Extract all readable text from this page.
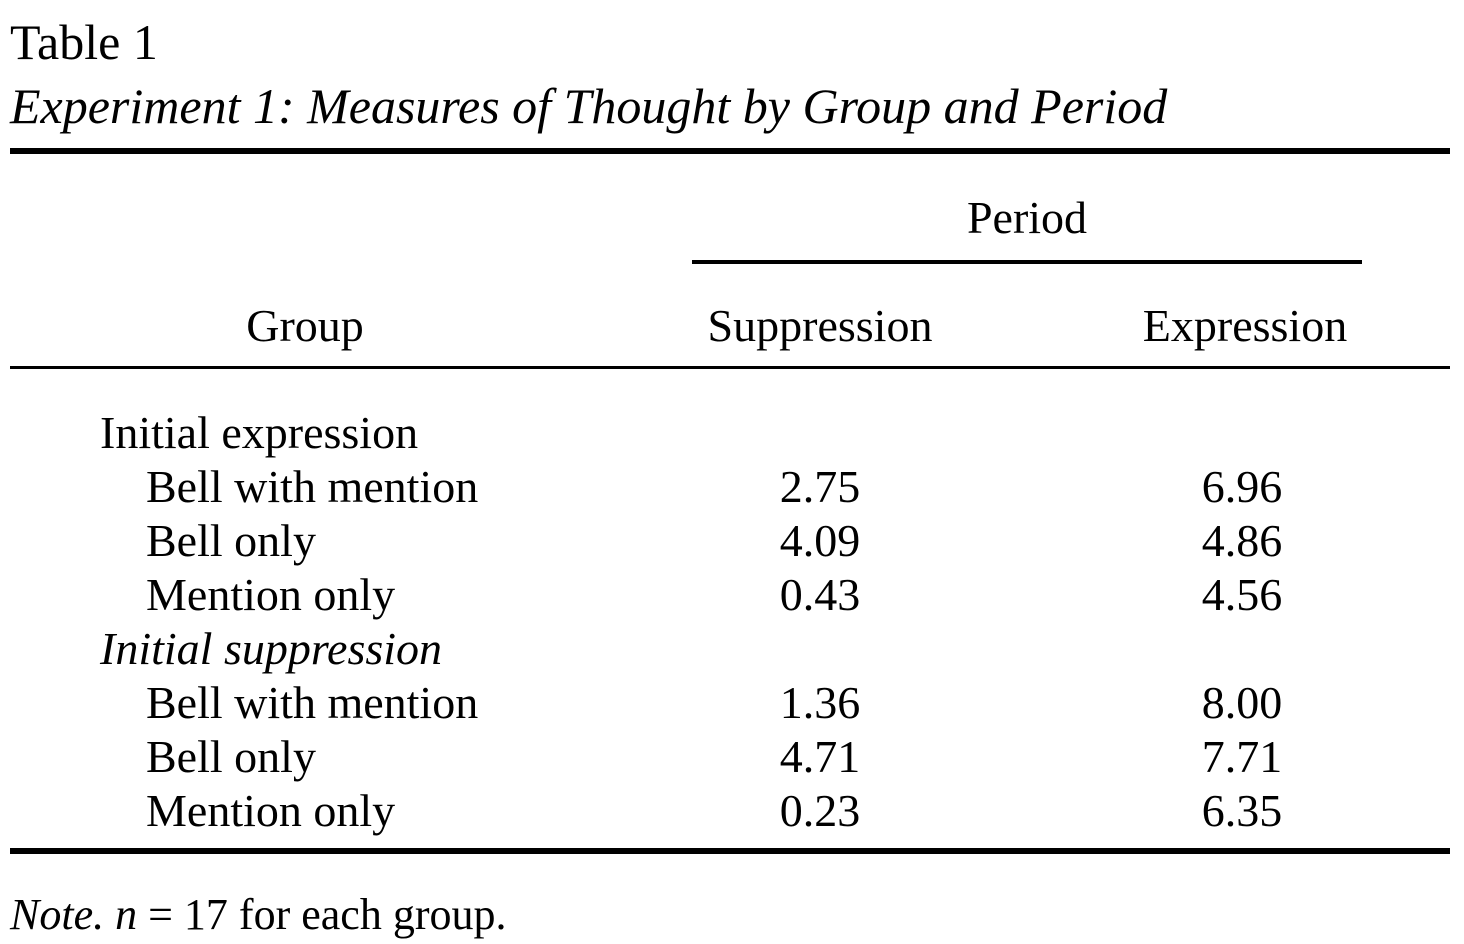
Table 1
Experiment 1: Measures of Thought by Group and Period
Period
Group	Suppression	Expression
Initial expression
Bell with mention	2.75	6.96
Bell only	4.09	4.86
Mention only	0.43	4.56
Initial suppression
Bell with mention	1.36	8.00
Bell only	4.71	7.71
Mention only	0.23	6.35
Note. n = 17 for each group.
